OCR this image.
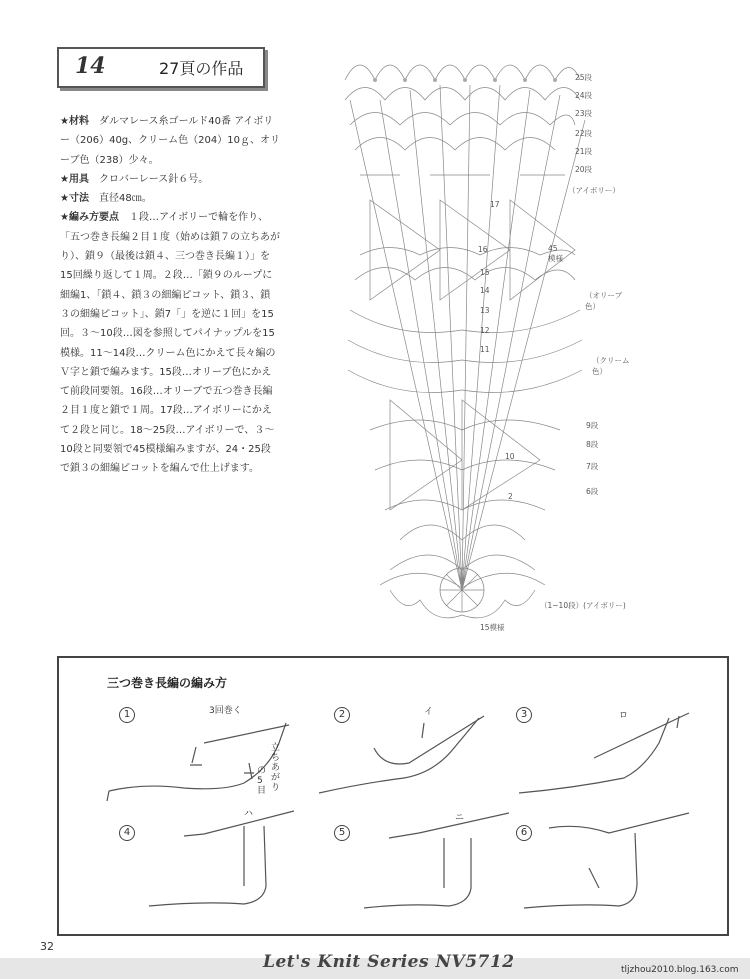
14	27頁の作品

★材料　ダルマレース糸ゴールド40番 アイボリー（206）40g、クリーム色（204）10ｇ、オリーブ色（238）少々。

★用具　クロバーレース針６号。

★寸法　直径48㎝。

★編み方要点　１段…アイボリーで輪を作り、「五つ巻き長編２目１度（始めは鎖７の立ちあがり）、鎖９（最後は鎖４、三つ巻き長編１）」を15回繰り返して１周。２段…「鎖９のループに細編1、「鎖４、鎖３の細編ピコット、鎖３、鎖３の細編ピコット」、鎖7「」を逆に１回」を15回。３～10段…図を参照してパイナップルを15模様。11～14段…クリーム色にかえて長々編のＶ字と鎖で編みます。15段…オリーブ色にかえて前段同要領。16段…オリーブで五つ巻き長編２目１度と鎖で１周。17段…アイボリーにかえて２段と同じ。18～25段…アイボリーで、３～10段と同要領で45模様編みますが、24・25段で鎖３の細編ピコットを編んで仕上げます。

25段
24段
23段
22段
21段
20段
（アイボリー）
45模様
（オリーブ色）
（クリーム色）
9段
8段
7段
6段
（1~10段）(アイボリー)
15模様
17
16
15
14
13
12
11
10
2
三つ巻き長編の編み方
1	3回巻く
立ちあがり
の5目
2	イ	3	ロ
4
ハ
5
ニ
6
32
Let's Knit Series NV5712	tljzhou2010.blog.163.com
